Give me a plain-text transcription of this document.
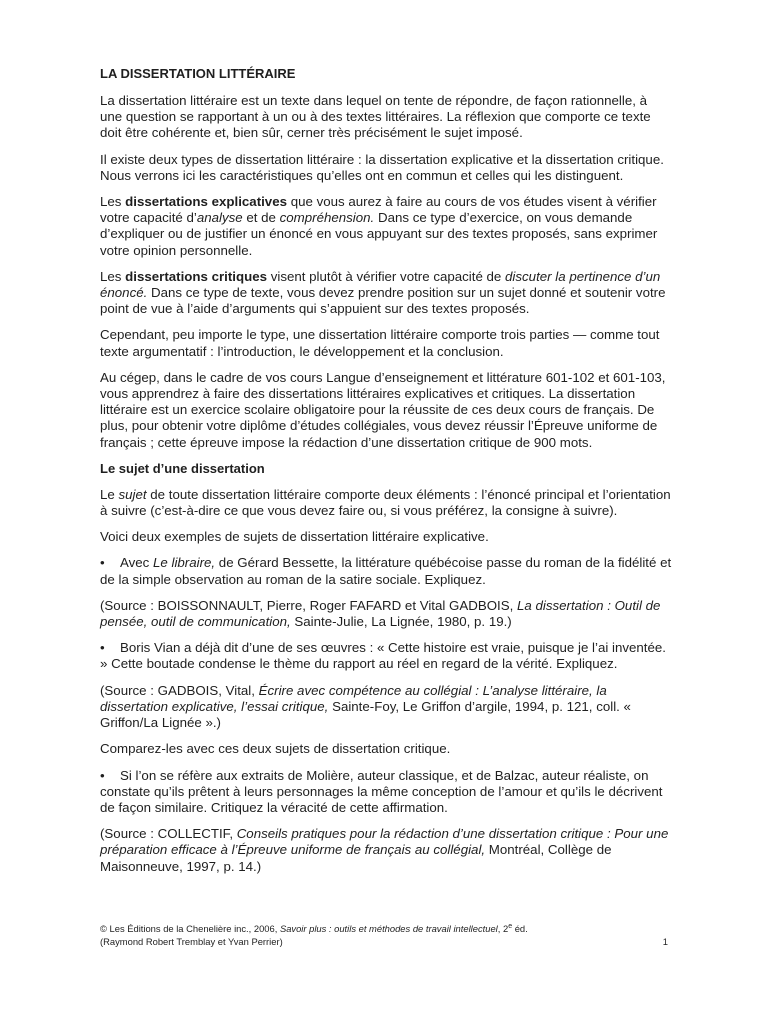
LA DISSERTATION LITTÉRAIRE

La dissertation littéraire est un texte dans lequel on tente de répondre, de façon rationnelle, à une question se rapportant à un ou à des textes littéraires. La réflexion que comporte ce texte doit être cohérente et, bien sûr, cerner très précisément le sujet imposé.

Il existe deux types de dissertation littéraire : la dissertation explicative et la dissertation critique. Nous verrons ici les caractéristiques qu’elles ont en commun et celles qui les distinguent.

Les dissertations explicatives que vous aurez à faire au cours de vos études visent à vérifier votre capacité d’analyse et de compréhension. Dans ce type d’exercice, on vous demande d’expliquer ou de justifier un énoncé en vous appuyant sur des textes proposés, sans exprimer votre opinion personnelle.

Les dissertations critiques visent plutôt à vérifier votre capacité de discuter la pertinence d’un énoncé. Dans ce type de texte, vous devez prendre position sur un sujet donné et soutenir votre point de vue à l’aide d’arguments qui s’appuient sur des textes proposés.

Cependant, peu importe le type, une dissertation littéraire comporte trois parties — comme tout texte argumentatif : l’introduction, le développement et la conclusion.

Au cégep, dans le cadre de vos cours Langue d’enseignement et littérature 601-102 et 601-103, vous apprendrez à faire des dissertations littéraires explicatives et critiques. La dissertation littéraire est un exercice scolaire obligatoire pour la réussite de ces deux cours de français. De plus, pour obtenir votre diplôme d’études collégiales, vous devez réussir l’Épreuve uniforme de français ; cette épreuve impose la rédaction d’une dissertation critique de 900 mots.

Le sujet d’une dissertation

Le sujet de toute dissertation littéraire comporte deux éléments : l’énoncé principal et l’orientation à suivre (c’est-à-dire ce que vous devez faire ou, si vous préférez, la consigne à suivre).

Voici deux exemples de sujets de dissertation littéraire explicative.

• Avec Le libraire, de Gérard Bessette, la littérature québécoise passe du roman de la fidélité et de la simple observation au roman de la satire sociale. Expliquez.

(Source : BOISSONNAULT, Pierre, Roger FAFARD et Vital GADBOIS, La dissertation : Outil de pensée, outil de communication, Sainte-Julie, La Lignée, 1980, p. 19.)

• Boris Vian a déjà dit d’une de ses œuvres : « Cette histoire est vraie, puisque je l’ai inventée. » Cette boutade condense le thème du rapport au réel en regard de la vérité. Expliquez.

(Source : GADBOIS, Vital, Écrire avec compétence au collégial : L’analyse littéraire, la dissertation explicative, l’essai critique, Sainte-Foy, Le Griffon d’argile, 1994, p. 121, coll. « Griffon/La Lignée ».)

Comparez-les avec ces deux sujets de dissertation critique.

• Si l’on se réfère aux extraits de Molière, auteur classique, et de Balzac, auteur réaliste, on constate qu’ils prêtent à leurs personnages la même conception de l’amour et qu’ils le décrivent de façon similaire. Critiquez la véracité de cette affirmation.

(Source : COLLECTIF, Conseils pratiques pour la rédaction d’une dissertation critique : Pour une préparation efficace à l’Épreuve uniforme de français au collégial, Montréal, Collège de Maisonneuve, 1997, p. 14.)

© Les Éditions de la Chenelière inc., 2006, Savoir plus : outils et méthodes de travail intellectuel, 2e éd.
(Raymond Robert Tremblay et Yvan Perrier)	1
